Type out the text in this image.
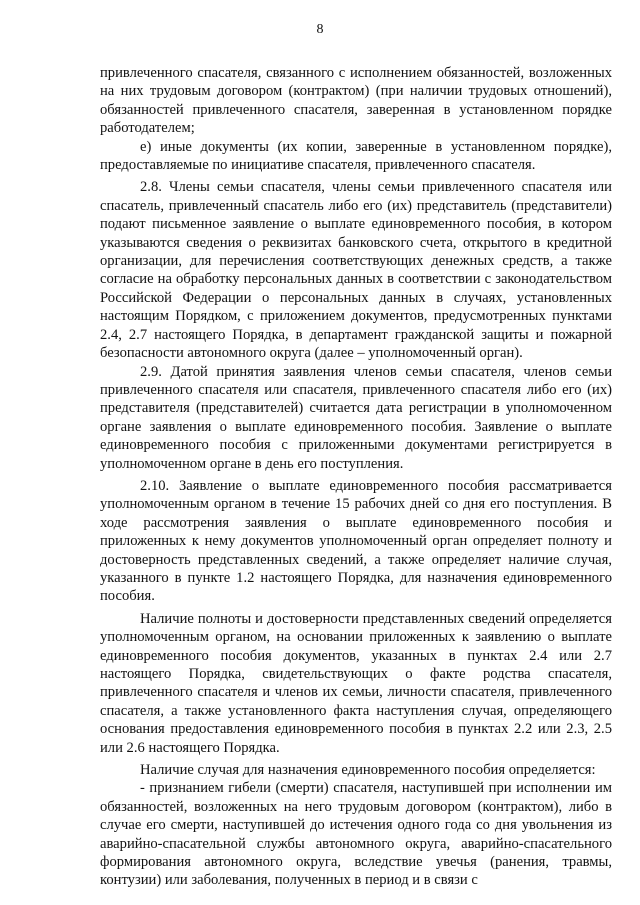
8

привлеченного спасателя, связанного с исполнением обязанностей, возложенных на них трудовым договором (контрактом) (при наличии трудовых отношений), обязанностей привлеченного спасателя, заверенная в установленном порядке работодателем;

е) иные документы (их копии, заверенные в установленном порядке), предоставляемые по инициативе спасателя, привлеченного спасателя.

2.8. Члены семьи спасателя, члены семьи привлеченного спасателя или спасатель, привлеченный спасатель либо его (их) представитель (представители) подают письменное заявление о выплате единовременного пособия, в котором указываются сведения о реквизитах банковского счета, открытого в кредитной организации, для перечисления соответствующих денежных средств, а также согласие на обработку персональных данных в соответствии с законодательством Российской Федерации о персональных данных в случаях, установленных настоящим Порядком, с приложением документов, предусмотренных пунктами 2.4, 2.7 настоящего Порядка, в департамент гражданской защиты и пожарной безопасности автономного округа (далее – уполномоченный орган).

2.9. Датой принятия заявления членов семьи спасателя, членов семьи привлеченного спасателя или спасателя, привлеченного спасателя либо его (их) представителя (представителей) считается дата регистрации в уполномоченном органе заявления о выплате единовременного пособия. Заявление о выплате единовременного пособия с приложенными документами регистрируется в уполномоченном органе в день его поступления.

2.10. Заявление о выплате единовременного пособия рассматривается уполномоченным органом в течение 15 рабочих дней со дня его поступления. В ходе рассмотрения заявления о выплате единовременного пособия и приложенных к нему документов уполномоченный орган определяет полноту и достоверность представленных сведений, а также определяет наличие случая, указанного в пункте 1.2 настоящего Порядка, для назначения единовременного пособия.

Наличие полноты и достоверности представленных сведений определяется уполномоченным органом, на основании приложенных к заявлению о выплате единовременного пособия документов, указанных в пунктах 2.4 или 2.7 настоящего Порядка, свидетельствующих о факте родства спасателя, привлеченного спасателя и членов их семьи, личности спасателя, привлеченного спасателя, а также установленного факта наступления случая, определяющего основания предоставления единовременного пособия в пунктах 2.2 или 2.3, 2.5 или 2.6 настоящего Порядка.

Наличие случая для назначения единовременного пособия определяется:

- признанием гибели (смерти) спасателя, наступившей при исполнении им обязанностей, возложенных на него трудовым договором (контрактом), либо в случае его смерти, наступившей до истечения одного года со дня увольнения из аварийно-спасательной службы автономного округа, аварийно-спасательного формирования автономного округа, вследствие увечья (ранения, травмы, контузии) или заболевания, полученных в период и в связи с
